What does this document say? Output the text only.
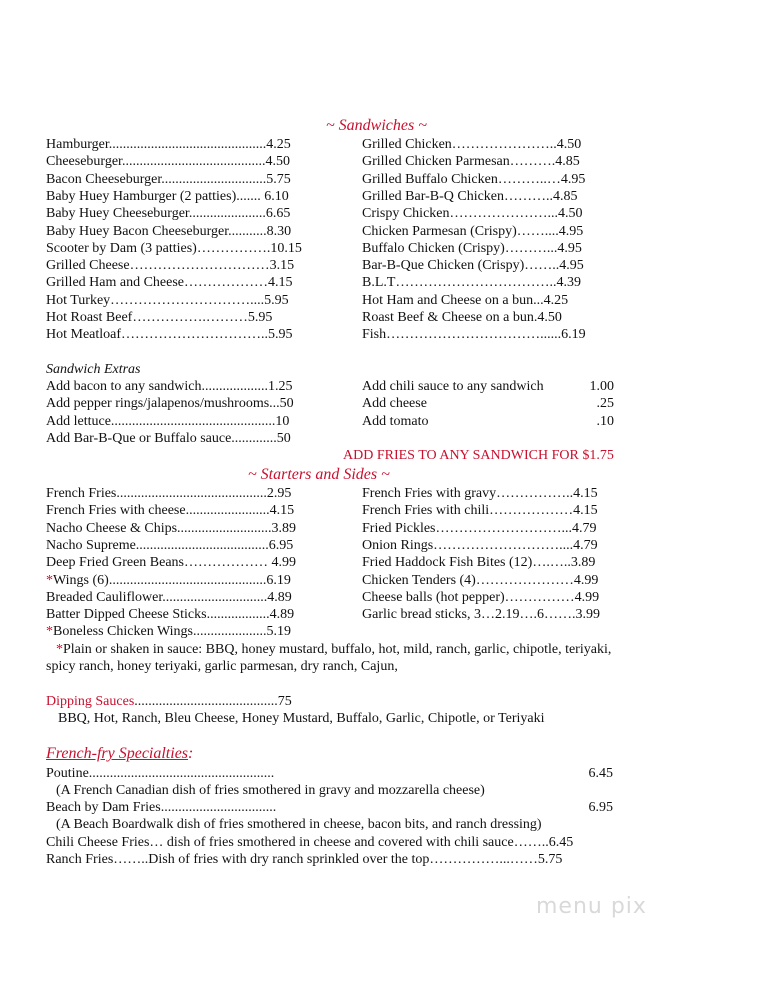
~ Sandwiches ~
Hamburger.............................................4.25
Cheeseburger.........................................4.50
Bacon Cheeseburger..............................5.75
Baby Huey Hamburger (2 patties)....... 6.10
Baby Huey Cheeseburger......................6.65
Baby Huey Bacon Cheeseburger...........8.30
Scooter by Dam (3 patties)…………….10.15
Grilled Cheese…………………………3.15
Grilled Ham and Cheese………………4.15
Hot Turkey…………………………....5.95
Hot Roast Beef…………….………5.95
Hot Meatloaf…………………………..5.95
Grilled Chicken…………………..4.50
Grilled Chicken Parmesan……….4.85
Grilled Buffalo Chicken………..…4.95
Grilled Bar-B-Q Chicken………..4.85
Crispy Chicken…………………...4.50
Chicken Parmesan (Crispy)……....4.95
Buffalo Chicken (Crispy)………...4.95
Bar-B-Que Chicken (Crispy)……..4.95
B.L.T……………………………..4.39
Hot Ham and Cheese on a bun...4.25
Roast Beef & Cheese on a bun.4.50
Fish……………………………......6.19
Sandwich Extras
Add bacon to any sandwich...................1.25
Add pepper rings/jalapenos/mushrooms...50
Add lettuce...............................................10
Add Bar-B-Que or Buffalo sauce.............50
Add chili sauce to any sandwich	1.00
Add cheese	.25
Add tomato	.10
ADD FRIES TO ANY SANDWICH FOR $1.75
~ Starters and Sides ~
French Fries...........................................2.95
French Fries with cheese........................4.15
Nacho Cheese & Chips...........................3.89
Nacho Supreme......................................6.95
Deep Fried Green Beans……………… 4.99
*Wings (6).............................................6.19
Breaded Cauliflower..............................4.89
Batter Dipped Cheese Sticks..................4.89
*Boneless Chicken Wings.....................5.19
French Fries with gravy……………..4.15
French Fries with chili………………4.15
Fried Pickles………………………...4.79
Onion Rings………………………....4.79
Fried Haddock Fish Bites (12)….…..3.89
Chicken Tenders (4)…………………4.99
Cheese balls (hot pepper)……………4.99
Garlic bread sticks, 3…2.19….6…….3.99
*Plain or shaken in sauce: BBQ, honey mustard, buffalo, hot, mild, ranch, garlic, chipotle, teriyaki,
spicy ranch, honey teriyaki, garlic parmesan, dry ranch, Cajun,
Dipping Sauces.........................................75
BBQ, Hot, Ranch, Bleu Cheese, Honey Mustard, Buffalo, Garlic, Chipotle, or Teriyaki
French-fry Specialties:
Poutine.....................................................	6.45
(A French Canadian dish of fries smothered in gravy and mozzarella cheese)
Beach by Dam Fries.................................	6.95
(A Beach Boardwalk dish of fries smothered in cheese, bacon bits, and ranch dressing)
Chili Cheese Fries… dish of fries smothered in cheese and covered with chili sauce……..6.45
Ranch Fries……..Dish of fries with dry ranch sprinkled over the top……………...……5.75
menu pix
